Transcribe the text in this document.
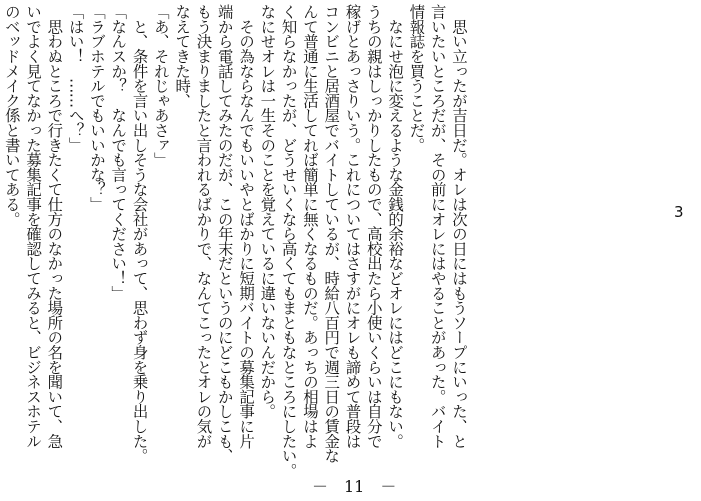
　思い立ったが吉日だ。オレは次の日にはもうソープにいった、と
言いたいところだが、その前にオレにはやることがあった。バイト
情報誌を買うことだ。
　なにせ泡に変えるような金銭的余裕などオレにはどこにもない。
うちの親はしっかりしたもので、高校出たら小使いくらいは自分で
稼げとあっさりいう。これについてはさすがにオレも諦めて普段は
コンビニと居酒屋でバイトしているが、時給八百円で週三日の賃金な
んて普通に生活してれば簡単に無くなるものだ。あっちの相場はよ
く知らなかったが、どうせいくなら高くてもまともなところにしたい。
なにせオレは一生そのことを覚えているに違いないんだから。
　その為ならなんでもいいやとばかりに短期バイトの募集記事に片
端から電話してみたのだが、この年末だというのにどこもかしこも、
もう決まりましたと言われるばかりで、なんてこったとオレの気が
なえてきた時、
「あ、それじゃあさァ」
　と、条件を言い出しそうな会社があって、思わず身を乗り出した。
「なんスか？　なんでも言ってください！」
「ラブホテルでもいいかな？」
「はい！　……へ？」
　思わぬところで行きたくて仕方のなかった場所の名を聞いて、急
いでよく見てなかった募集記事を確認してみると、ビジネスホテル
のベッドメイク係と書いてある。	3
－　11　－
